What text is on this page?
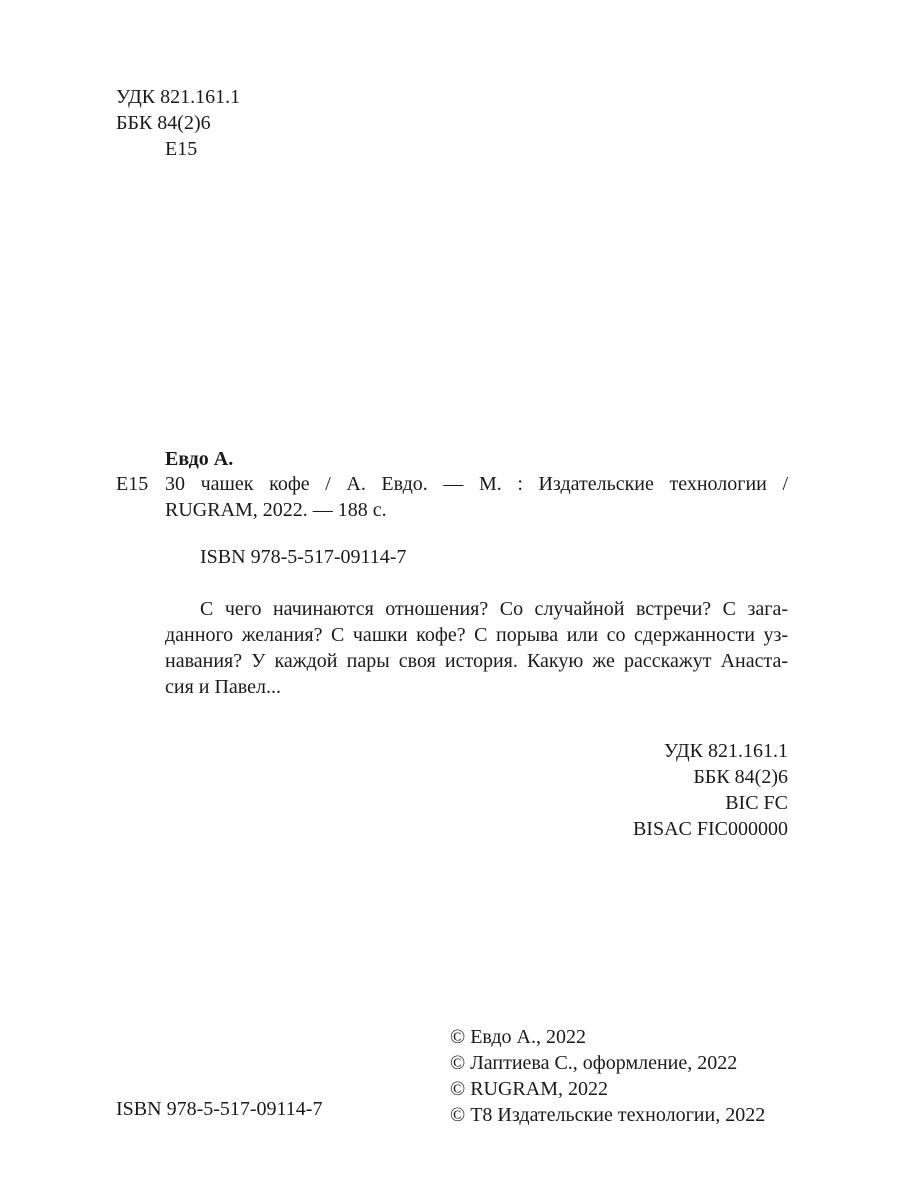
УДК 821.161.1
ББК 84(2)6
Е15
Евдо А.
Е15 30 чашек кофе / А. Евдо. — М. : Издательские технологии /
RUGRAM, 2022. — 188 с.
ISBN 978-5-517-09114-7
С чего начинаются отношения? Со случайной встречи? С зага-
данного желания? С чашки кофе? С порыва или со сдержанности уз-
навания? У каждой пары своя история. Какую же расскажут Анаста-
сия и Павел...
УДК 821.161.1
ББК 84(2)6
BIC FC
BISAC FIC000000
© Евдо А., 2022
© Лаптиева С., оформление, 2022
© RUGRAM, 2022
© Т8 Издательские технологии, 2022
ISBN 978-5-517-09114-7
